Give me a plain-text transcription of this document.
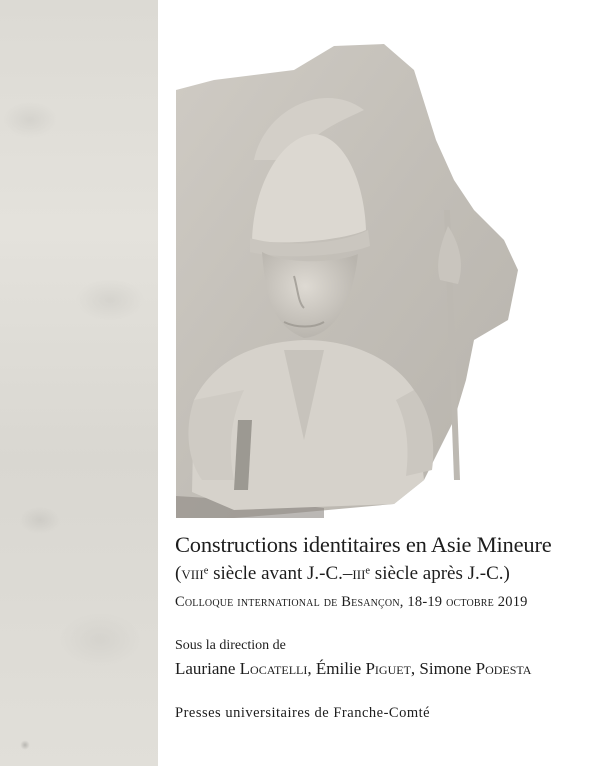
Constructions identitaires en Asie Mineure
(viii$^e$ siècle avant J.-C.–iii$^e$ siècle après J.-C.)
Colloque international de Besançon, 18-19 octobre 2019
Sous la direction de
Lauriane Locatelli, Émilie Piguet, Simone Podesta
Presses universitaires de Franche-Comté
